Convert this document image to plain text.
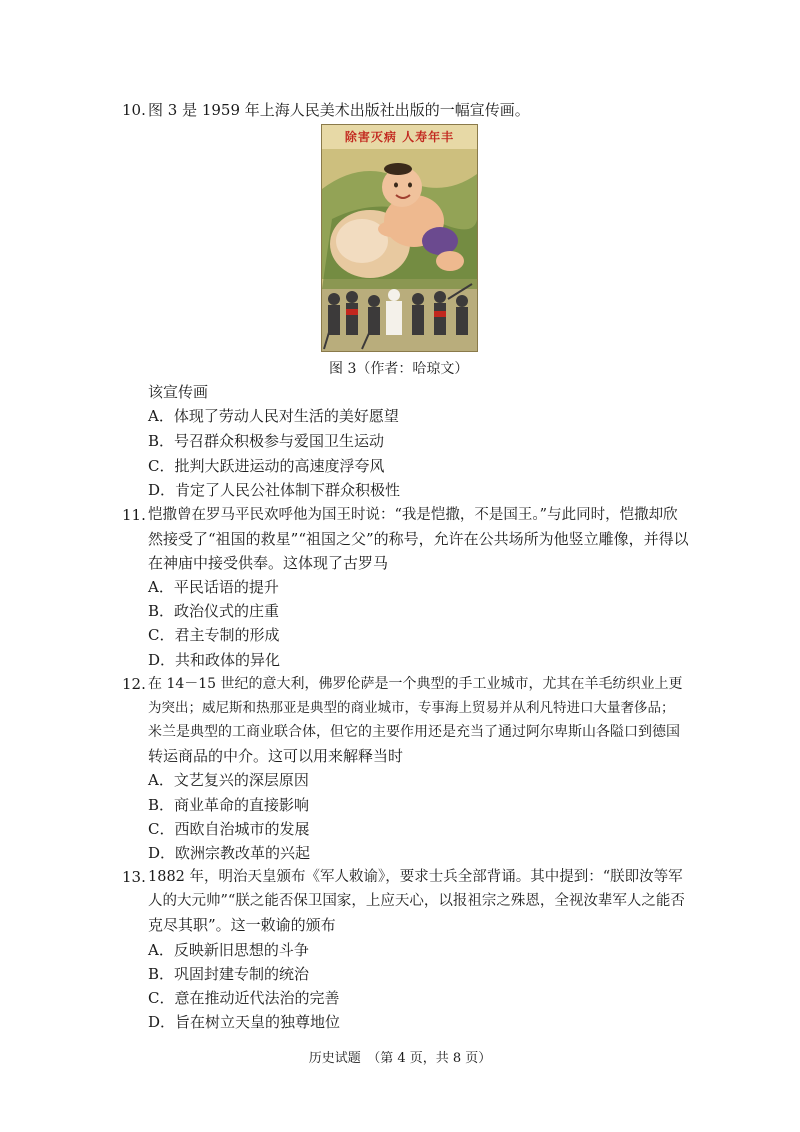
10. 图 3 是 1959 年上海人民美术出版社出版的一幅宣传画。
除害灭病 人寿年丰
图 3（作者：哈琼文）
该宣传画
A．体现了劳动人民对生活的美好愿望
B．号召群众积极参与爱国卫生运动
C．批判大跃进运动的高速度浮夸风
D．肯定了人民公社体制下群众积极性
11. 恺撒曾在罗马平民欢呼他为国王时说：“我是恺撒，不是国王。”与此同时，恺撒却欣
然接受了“祖国的救星”“祖国之父”的称号，允许在公共场所为他竖立雕像，并得以
在神庙中接受供奉。这体现了古罗马
A．平民话语的提升
B．政治仪式的庄重
C．君主专制的形成
D．共和政体的异化
12. 在 14－15 世纪的意大利，佛罗伦萨是一个典型的手工业城市，尤其在羊毛纺织业上更
为突出；威尼斯和热那亚是典型的商业城市，专事海上贸易并从利凡特进口大量奢侈品；
米兰是典型的工商业联合体，但它的主要作用还是充当了通过阿尔卑斯山各隘口到德国
转运商品的中介。这可以用来解释当时
A．文艺复兴的深层原因
B．商业革命的直接影响
C．西欧自治城市的发展
D．欧洲宗教改革的兴起
13. 1882 年，明治天皇颁布《军人敕谕》，要求士兵全部背诵。其中提到：“朕即汝等军
人的大元帅”“朕之能否保卫国家，上应天心，以报祖宗之殊恩，全视汝辈军人之能否
克尽其职”。这一敕谕的颁布
A．反映新旧思想的斗争
B．巩固封建专制的统治
C．意在推动近代法治的完善
D．旨在树立天皇的独尊地位
历史试题　（第 4 页，共 8 页）
